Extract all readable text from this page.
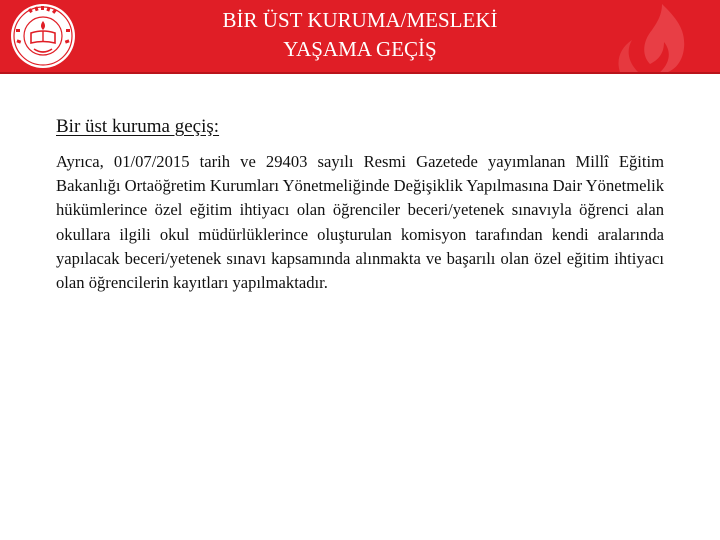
BİR ÜST KURUMA/MESLEKİ
YAŞAMA GEÇİŞ
Bir üst kuruma geçiş:
Ayrıca, 01/07/2015 tarih ve 29403 sayılı Resmi Gazetede yayımlanan Millî Eğitim Bakanlığı Ortaöğretim Kurumları Yönetmeliğinde Değişiklik Yapılmasına Dair Yönetmelik hükümlerince özel eğitim ihtiyacı olan öğrenciler beceri/yetenek sınavıyla öğrenci alan okullara ilgili okul müdürlüklerince oluşturulan komisyon tarafından kendi aralarında yapılacak beceri/yetenek sınavı kapsamında alınmakta ve başarılı olan özel eğitim ihtiyacı olan öğrencilerin kayıtları yapılmaktadır.
